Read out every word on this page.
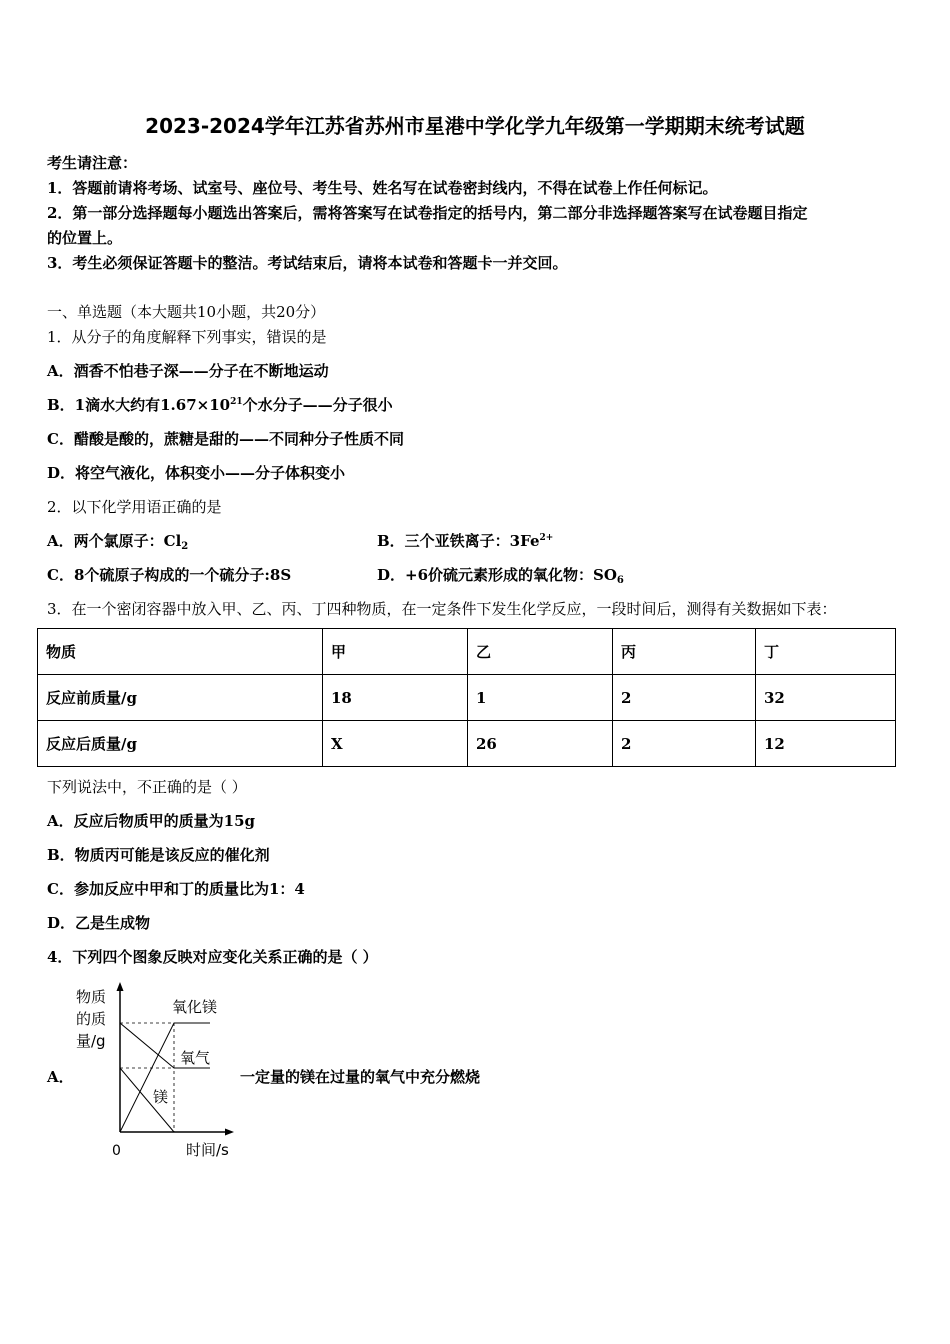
2023-2024学年江苏省苏州市星港中学化学九年级第一学期期末统考试题
考生请注意：
1．答题前请将考场、试室号、座位号、考生号、姓名写在试卷密封线内，不得在试卷上作任何标记。
2．第一部分选择题每小题选出答案后，需将答案写在试卷指定的括号内，第二部分非选择题答案写在试卷题目指定
的位置上。
3．考生必须保证答题卡的整洁。考试结束后，请将本试卷和答题卡一并交回。
一、单选题（本大题共10小题，共20分）
1．从分子的角度解释下列事实，错误的是
A．酒香不怕巷子深——分子在不断地运动
B．1滴水大约有$1.67\times 10^{21}$个水分子——分子很小
C．醋酸是酸的，蔗糖是甜的——不同种分子性质不同
D．将空气液化，体积变小——分子体积变小
2．以下化学用语正确的是
A．两个氯原子：$Cl_2$	B．三个亚铁离子：$3Fe^{2+}$
C．8个硫原子构成的一个硫分子:8S	D．+6价硫元素形成的氧化物：$SO_6$
3．在一个密闭容器中放入甲、乙、丙、丁四种物质，在一定条件下发生化学反应，一段时间后，测得有关数据如下表：
物质	甲	乙	丙	丁
反应前质量/g	18	1	2	32
反应后质量/g	X	26	2	12
下列说法中，不正确的是（ ）
A．反应后物质甲的质量为15g
B．物质丙可能是该反应的催化剂
C．参加反应中甲和丁的质量比为1：4
D．乙是生成物
4．下列四个图象反映对应变化关系正确的是（ ）
A．
物质
的质
量/g
0	时间/s
氧化镁
氧气
镁
一定量的镁在过量的氧气中充分燃烧
